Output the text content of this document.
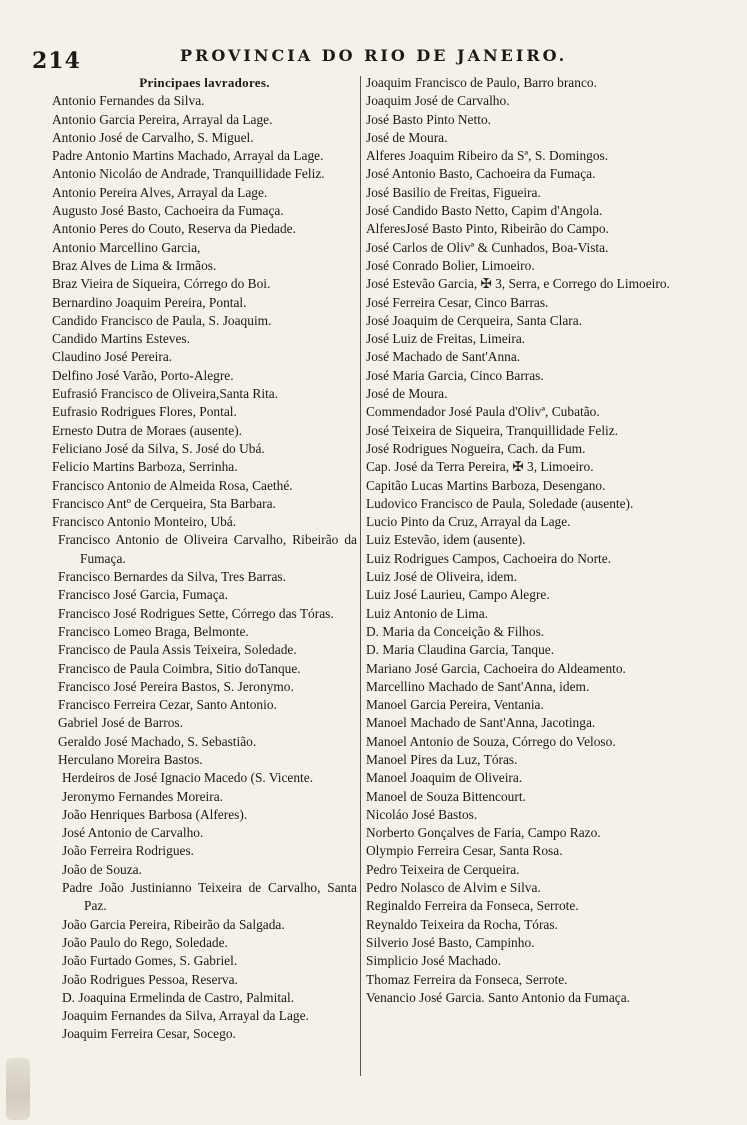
214	PROVINCIA DO RIO DE JANEIRO.
Principaes lavradores.
Antonio Fernandes da Silva.
Antonio Garcia Pereira, Arrayal da Lage.
Antonio José de Carvalho, S. Miguel.
Padre Antonio Martins Machado, Arrayal da Lage.
Antonio Nicoláo de Andrade, Tranquillidade Feliz.
Antonio Pereira Alves, Arrayal da Lage.
Augusto José Basto, Cachoeira da Fumaça.
Antonio Peres do Couto, Reserva da Piedade.
Antonio Marcellino Garcia,
Braz Alves de Lima & Irmãos.
Braz Vieira de Siqueira, Córrego do Boi.
Bernardino Joaquim Pereira, Pontal.
Candido Francisco de Paula, S. Joaquim.
Candido Martins Esteves.
Claudino José Pereira.
Delfino José Varão, Porto-Alegre.
Eufrasió Francisco de Oliveira,Santa Rita.
Eufrasio Rodrigues Flores, Pontal.
Ernesto Dutra de Moraes (ausente).
Feliciano José da Silva, S. José do Ubá.
Felicio Martins Barboza, Serrinha.
Francisco Antonio de Almeida Rosa, Caethé.
Francisco Antº de Cerqueira, Sta Barbara.
Francisco Antonio Monteiro, Ubá.
Francisco Antonio de Oliveira Carvalho, Ribeirão da Fumaça.
Francisco Bernardes da Silva, Tres Barras.
Francisco José Garcia, Fumaça.
Francisco José Rodrigues Sette, Córrego das Tóras.
Francisco Lomeo Braga, Belmonte.
Francisco de Paula Assis Teixeira, Soledade.
Francisco de Paula Coimbra, Sitio doTanque.
Francisco José Pereira Bastos, S. Jeronymo.
Francisco Ferreira Cezar, Santo Antonio.
Gabriel José de Barros.
Geraldo José Machado, S. Sebastião.
Herculano Moreira Bastos.
Herdeiros de José Ignacio Macedo (S. Vicente.
Jeronymo Fernandes Moreira.
João Henriques Barbosa (Alferes).
José Antonio de Carvalho.
João Ferreira Rodrigues.
João de Souza.
Padre João Justinianno Teixeira de Carvalho, Santa Paz.
João Garcia Pereira, Ribeirão da Salgada.
João Paulo do Rego, Soledade.
João Furtado Gomes, S. Gabriel.
João Rodrigues Pessoa, Reserva.
D. Joaquina Ermelinda de Castro, Palmital.
Joaquim Fernandes da Silva, Arrayal da Lage.
Joaquim Ferreira Cesar, Socego.
Joaquim Francisco de Paulo, Barro branco.
Joaquim José de Carvalho.
José Basto Pinto Netto.
José de Moura.
Alferes Joaquim Ribeiro da Sª, S. Domingos.
José Antonio Basto, Cachoeira da Fumaça.
José Basilio de Freitas, Figueira.
José Candido Basto Netto, Capim d'Angola.
AlferesJosé Basto Pinto, Ribeirão do Campo.
José Carlos de Olivª & Cunhados, Boa-Vista.
José Conrado Bolier, Limoeiro.
José Estevão Garcia, ✠ 3, Serra, e Corrego do Limoeiro.
José Ferreira Cesar, Cinco Barras.
José Joaquim de Cerqueira, Santa Clara.
José Luiz de Freitas, Limeira.
José Machado de Sant'Anna.
José Maria Garcia, Cinco Barras.
José de Moura.
Commendador José Paula d'Olivª, Cubatão.
José Teixeira de Siqueira, Tranquillidade Feliz.
José Rodrigues Nogueira, Cach. da Fum.
Cap. José da Terra Pereira, ✠ 3, Limoeiro.
Capitão Lucas Martins Barboza, Desengano.
Ludovico Francisco de Paula, Soledade (ausente).
Lucio Pinto da Cruz, Arrayal da Lage.
Luiz Estevão, idem (ausente).
Luiz Rodrigues Campos, Cachoeira do Norte.
Luiz José de Oliveira, idem.
Luiz José Laurieu, Campo Alegre.
Luiz Antonio de Lima.
D. Maria da Conceição & Filhos.
D. Maria Claudina Garcia, Tanque.
Mariano José Garcia, Cachoeira do Aldeamento.
Marcellino Machado de Sant'Anna, idem.
Manoel Garcia Pereira, Ventania.
Manoel Machado de Sant'Anna, Jacotinga.
Manoel Antonio de Souza, Córrego do Veloso.
Manoel Pires da Luz, Tóras.
Manoel Joaquim de Oliveira.
Manoel de Souza Bittencourt.
Nicoláo José Bastos.
Norberto Gonçalves de Faria, Campo Razo.
Olympio Ferreira Cesar, Santa Rosa.
Pedro Teixeira de Cerqueira.
Pedro Nolasco de Alvim e Silva.
Reginaldo Ferreira da Fonseca, Serrote.
Reynaldo Teixeira da Rocha, Tóras.
Silverio José Basto, Campinho.
Simplicio José Machado.
Thomaz Ferreira da Fonseca, Serrote.
Venancio José Garcia. Santo Antonio da Fumaça.
